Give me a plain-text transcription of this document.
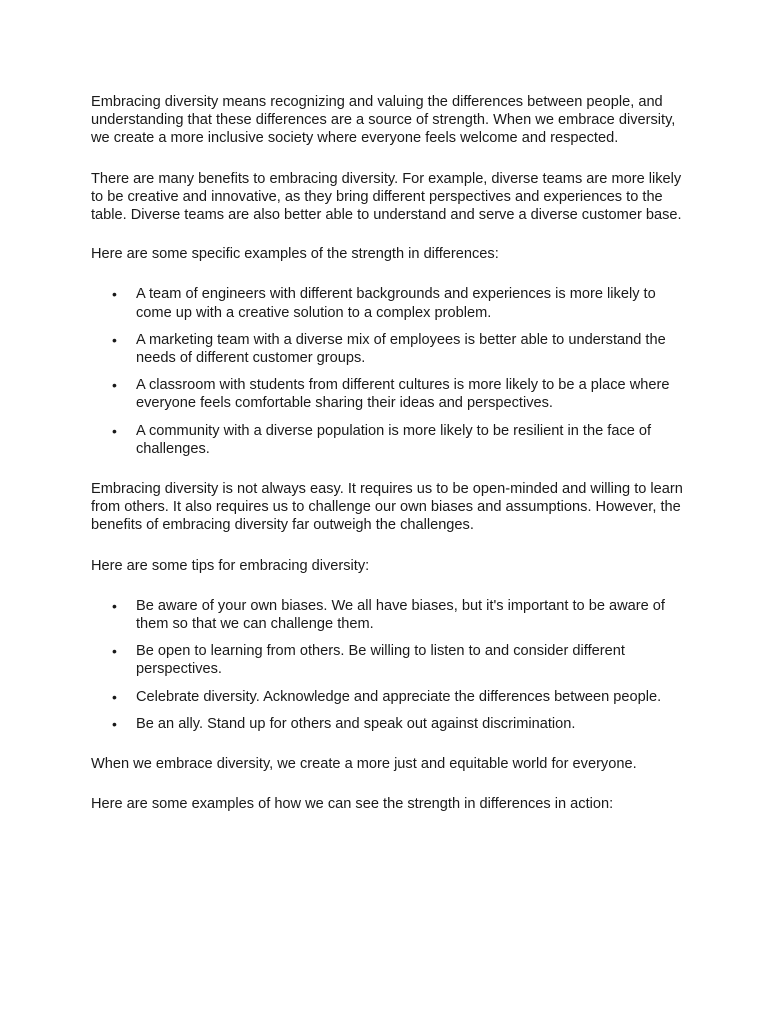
Embracing diversity means recognizing and valuing the differences between people, and understanding that these differences are a source of strength. When we embrace diversity, we create a more inclusive society where everyone feels welcome and respected.

There are many benefits to embracing diversity. For example, diverse teams are more likely to be creative and innovative, as they bring different perspectives and experiences to the table. Diverse teams are also better able to understand and serve a diverse customer base.

Here are some specific examples of the strength in differences:

• A team of engineers with different backgrounds and experiences is more likely to come up with a creative solution to a complex problem.
• A marketing team with a diverse mix of employees is better able to understand the needs of different customer groups.
• A classroom with students from different cultures is more likely to be a place where everyone feels comfortable sharing their ideas and perspectives.
• A community with a diverse population is more likely to be resilient in the face of challenges.

Embracing diversity is not always easy. It requires us to be open-minded and willing to learn from others. It also requires us to challenge our own biases and assumptions. However, the benefits of embracing diversity far outweigh the challenges.

Here are some tips for embracing diversity:

• Be aware of your own biases. We all have biases, but it's important to be aware of them so that we can challenge them.
• Be open to learning from others. Be willing to listen to and consider different perspectives.
• Celebrate diversity. Acknowledge and appreciate the differences between people.
• Be an ally. Stand up for others and speak out against discrimination.

When we embrace diversity, we create a more just and equitable world for everyone.

Here are some examples of how we can see the strength in differences in action:
